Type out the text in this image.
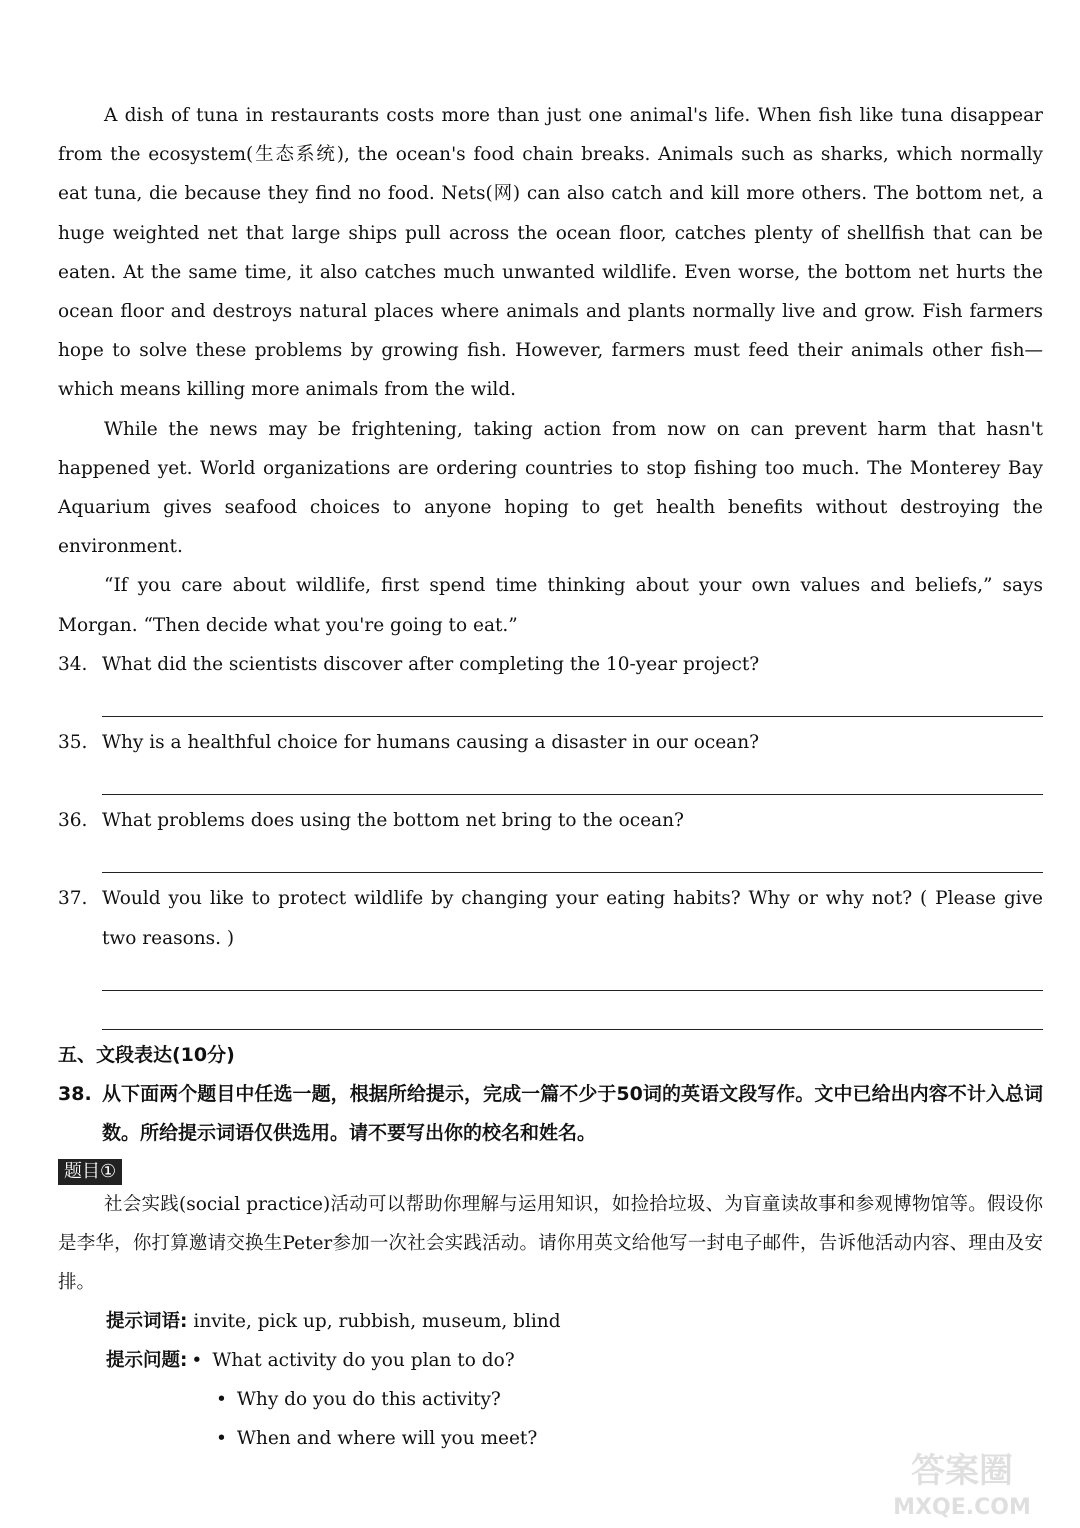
A dish of tuna in restaurants costs more than just one animal's life. When fish like tuna disappear from the ecosystem(生态系统), the ocean's food chain breaks. Animals such as sharks, which normally eat tuna, die because they find no food. Nets(网) can also catch and kill more others. The bottom net, a huge weighted net that large ships pull across the ocean floor, catches plenty of shellfish that can be eaten. At the same time, it also catches much unwanted wildlife. Even worse, the bottom net hurts the ocean floor and destroys natural places where animals and plants normally live and grow. Fish farmers hope to solve these problems by growing fish. However, farmers must feed their animals other fish—which means killing more animals from the wild.

While the news may be frightening, taking action from now on can prevent harm that hasn't happened yet. World organizations are ordering countries to stop fishing too much. The Monterey Bay Aquarium gives seafood choices to anyone hoping to get health benefits without destroying the environment.

“If you care about wildlife, first spend time thinking about your own values and beliefs,” says Morgan. “Then decide what you're going to eat.”

34. What did the scientists discover after completing the 10-year project?
35. Why is a healthful choice for humans causing a disaster in our ocean?
36. What problems does using the bottom net bring to the ocean?
37. Would you like to protect wildlife by changing your eating habits? Why or why not? ( Please give two reasons. )

五、文段表达(10分)

38. 从下面两个题目中任选一题，根据所给提示，完成一篇不少于50词的英语文段写作。文中已给出内容不计入总词数。所给提示词语仅供选用。请不要写出你的校名和姓名。
题目①

社会实践(social practice)活动可以帮助你理解与运用知识，如捡拾垃圾、为盲童读故事和参观博物馆等。假设你是李华，你打算邀请交换生Peter参加一次社会实践活动。请你用英文给他写一封电子邮件，告诉他活动内容、理由及安排。

提示词语: invite, pick up, rubbish, museum, blind
提示问题:
•	What activity do you plan to do?
• Why do you do this activity?
• When and where will you meet?
答案圈
MXQE.COM
